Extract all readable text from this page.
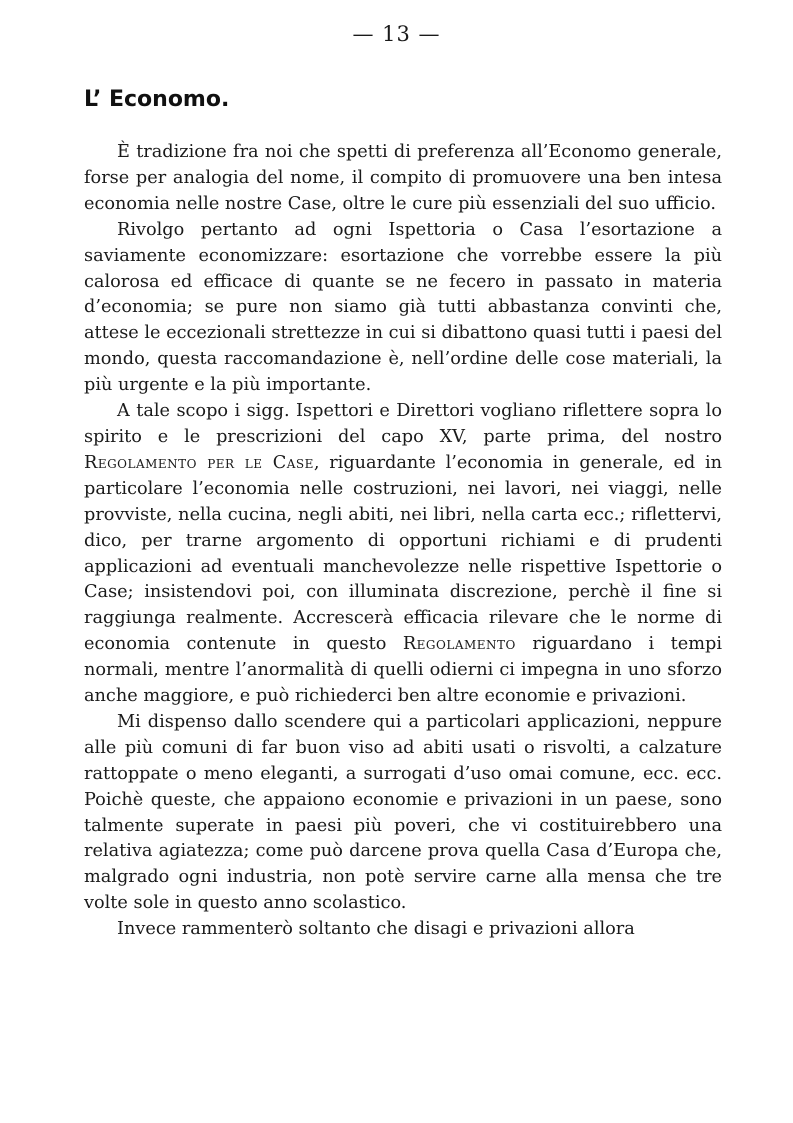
— 13 —
L’ Economo.

È tradizione fra noi che spetti di preferenza all’Economo generale, forse per analogia del nome, il compito di promuovere una ben intesa economia nelle nostre Case, oltre le cure più essenziali del suo ufficio.

Rivolgo pertanto ad ogni Ispettoria o Casa l’esortazione a saviamente economizzare: esortazione che vorrebbe essere la più calorosa ed efficace di quante se ne fecero in passato in materia d’economia; se pure non siamo già tutti abbastanza convinti che, attese le eccezionali strettezze in cui si dibattono quasi tutti i paesi del mondo, questa raccomandazione è, nell’ordine delle cose materiali, la più urgente e la più importante.

A tale scopo i sigg. Ispettori e Direttori vogliano riflettere sopra lo spirito e le prescrizioni del capo XV, parte prima, del nostro Regolamento per le Case, riguardante l’economia in generale, ed in particolare l’economia nelle costruzioni, nei lavori, nei viaggi, nelle provviste, nella cucina, negli abiti, nei libri, nella carta ecc.; riflettervi, dico, per trarne argomento di opportuni richiami e di prudenti applicazioni ad eventuali manchevolezze nelle rispettive Ispettorie o Case; insistendovi poi, con illuminata discrezione, perchè il fine si raggiunga realmente. Accrescerà efficacia rilevare che le norme di economia contenute in questo Regolamento riguardano i tempi normali, mentre l’anormalità di quelli odierni ci impegna in uno sforzo anche maggiore, e può richiederci ben altre economie e privazioni.

Mi dispenso dallo scendere qui a particolari applicazioni, neppure alle più comuni di far buon viso ad abiti usati o risvolti, a calzature rattoppate o meno eleganti, a surrogati d’uso omai comune, ecc. ecc. Poichè queste, che appaiono economie e privazioni in un paese, sono talmente superate in paesi più poveri, che vi costituirebbero una relativa agiatezza; come può darcene prova quella Casa d’Europa che, malgrado ogni industria, non potè servire carne alla mensa che tre volte sole in questo anno scolastico.

Invece rammenterò soltanto che disagi e privazioni allora
